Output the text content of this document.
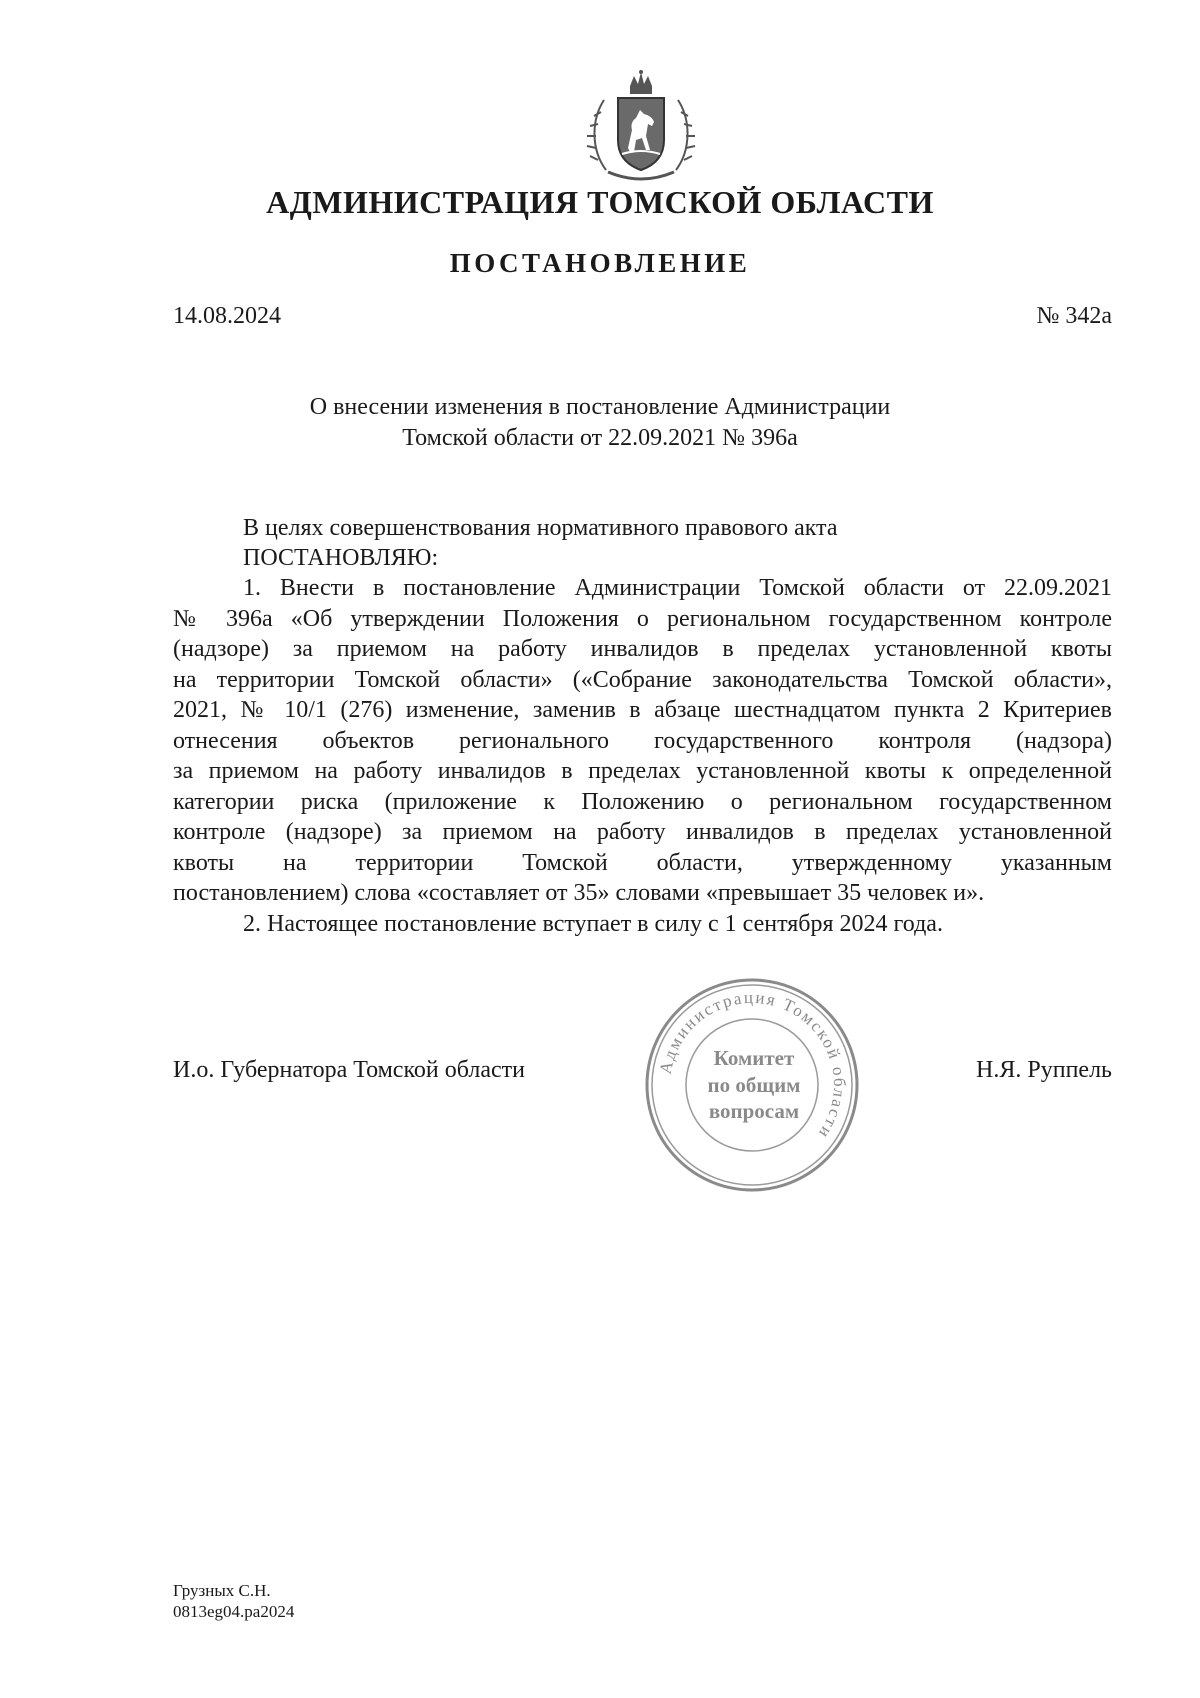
АДМИНИСТРАЦИЯ ТОМСКОЙ ОБЛАСТИ
ПОСТАНОВЛЕНИЕ
14.08.2024	№ 342а
О внесении изменения в постановление Администрации
Томской области от 22.09.2021 № 396а
В целях совершенствования нормативного правового акта
ПОСТАНОВЛЯЮ:
1. Внести в постановление Администрации Томской области от 22.09.2021
№ 396а «Об утверждении Положения о региональном государственном контроле
(надзоре) за приемом на работу инвалидов в пределах установленной квоты
на территории Томской области» («Собрание законодательства Томской области»,
2021, № 10/1 (276) изменение, заменив в абзаце шестнадцатом пункта 2 Критериев
отнесения объектов регионального государственного контроля (надзора)
за приемом на работу инвалидов в пределах установленной квоты к определенной
категории риска (приложение к Положению о региональном государственном
контроле (надзоре) за приемом на работу инвалидов в пределах установленной
квоты на территории Томской области, утвержденному указанным
постановлением) слова «составляет от 35» словами «превышает 35 человек и».
2. Настоящее постановление вступает в силу с 1 сентября 2024 года.
И.о. Губернатора Томской области	Н.Я. Руппель
Администрация Томской области
Комитет
по общим
вопросам
Грузных С.Н.
0813eg04.pa2024
